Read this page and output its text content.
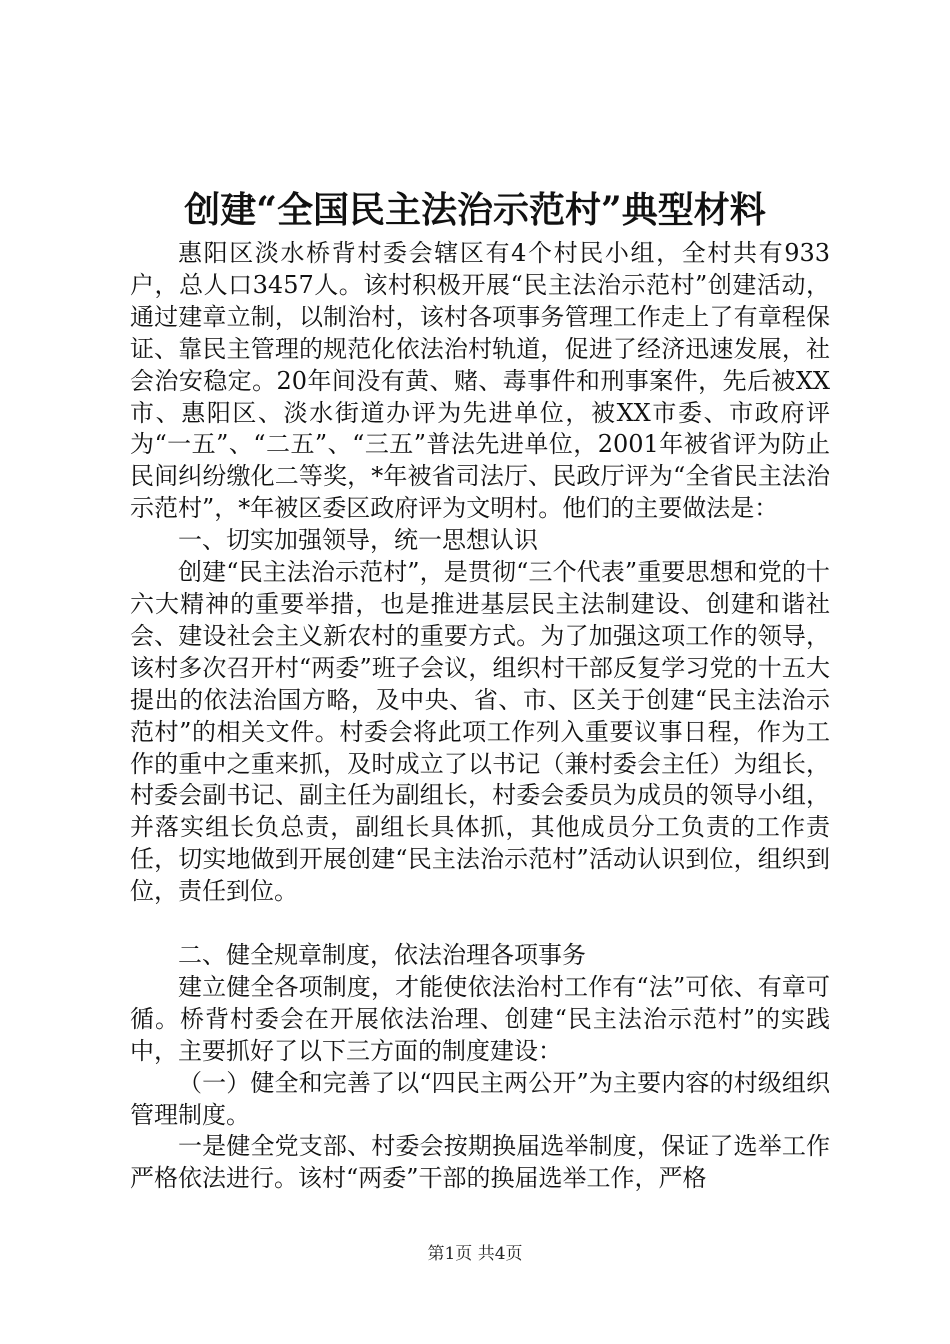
创建“全国民主法治示范村”典型材料

惠阳区淡水桥背村委会辖区有4个村民小组，全村共有933户，总人口3457人。该村积极开展“民主法治示范村”创建活动，通过建章立制，以制治村，该村各项事务管理工作走上了有章程保证、靠民主管理的规范化依法治村轨道，促进了经济迅速发展，社会治安稳定。20年间没有黄、赌、毒事件和刑事案件，先后被XX市、惠阳区、淡水街道办评为先进单位，被XX市委、市政府评为“一五”、“二五”、“三五”普法先进单位，2001年被省评为防止民间纠纷缴化二等奖，*年被省司法厅、民政厅评为“全省民主法治示范村”，*年被区委区政府评为文明村。他们的主要做法是：

一、切实加强领导，统一思想认识

创建“民主法治示范村”，是贯彻“三个代表”重要思想和党的十六大精神的重要举措，也是推进基层民主法制建设、创建和谐社会、建设社会主义新农村的重要方式。为了加强这项工作的领导，该村多次召开村“两委”班子会议，组织村干部反复学习党的十五大提出的依法治国方略，及中央、省、市、区关于创建“民主法治示范村”的相关文件。村委会将此项工作列入重要议事日程，作为工作的重中之重来抓，及时成立了以书记（兼村委会主任）为组长，村委会副书记、副主任为副组长，村委会委员为成员的领导小组，并落实组长负总责，副组长具体抓，其他成员分工负责的工作责任，切实地做到开展创建“民主法治示范村”活动认识到位，组织到位，责任到位。

二、健全规章制度，依法治理各项事务

建立健全各项制度，才能使依法治村工作有“法”可依、有章可循。桥背村委会在开展依法治理、创建“民主法治示范村”的实践中，主要抓好了以下三方面的制度建设：

（一）健全和完善了以“四民主两公开”为主要内容的村级组织管理制度。

一是健全党支部、村委会按期换届选举制度，保证了选举工作严格依法进行。该村“两委”干部的换届选举工作，严格

第1页 共4页
